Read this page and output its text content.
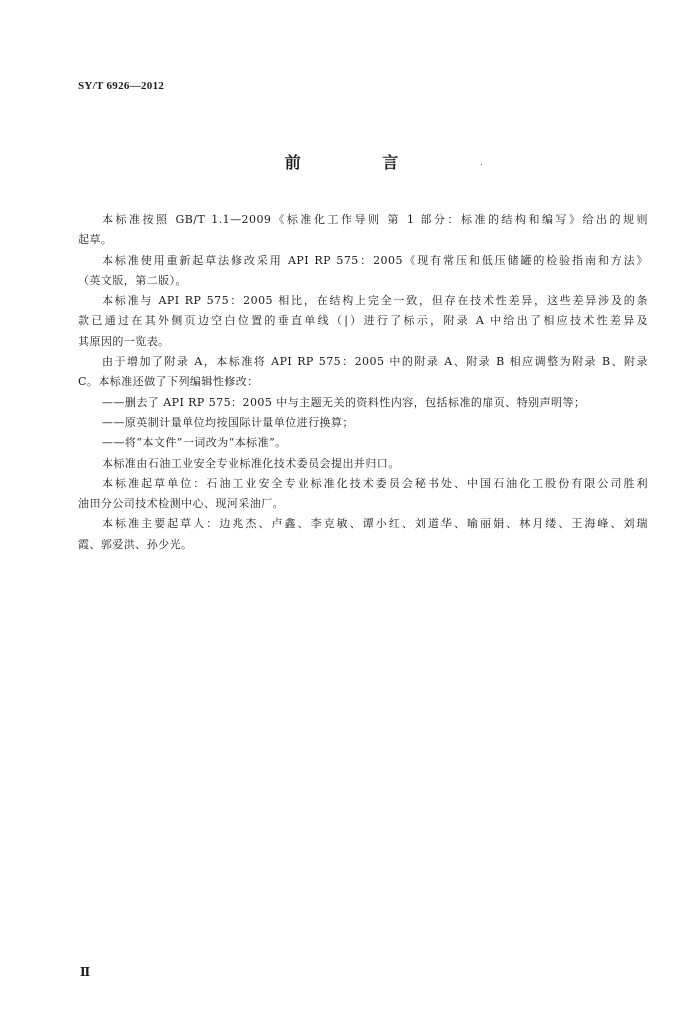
SY/T 6926—2012
前 言
本标准按照 GB/T 1.1—2009《标准化工作导则 第 1 部分：标准的结构和编写》给出的规则
起草。
本标准使用重新起草法修改采用 API RP 575：2005《现有常压和低压储罐的检验指南和方法》
（英文版，第二版）。
本标准与 API RP 575：2005 相比，在结构上完全一致，但存在技术性差异，这些差异涉及的条
款已通过在其外侧页边空白位置的垂直单线（|）进行了标示，附录 A 中给出了相应技术性差异及
其原因的一览表。
由于增加了附录 A，本标准将 API RP 575：2005 中的附录 A、附录 B 相应调整为附录 B、附录
C。本标准还做了下列编辑性修改：
——删去了 API RP 575：2005 中与主题无关的资料性内容，包括标准的扉页、特别声明等；
——原英制计量单位均按国际计量单位进行换算；
——将“本文件”一词改为“本标准”。
本标准由石油工业安全专业标准化技术委员会提出并归口。
本标准起草单位：石油工业安全专业标准化技术委员会秘书处、中国石油化工股份有限公司胜利
油田分公司技术检测中心、现河采油厂。
本标准主要起草人：边兆杰、卢鑫、李克敏、谭小红、刘道华、喻丽娟、林月缕、王海峰、刘瑞
霞、郭爱洪、孙少光。
Ⅱ
